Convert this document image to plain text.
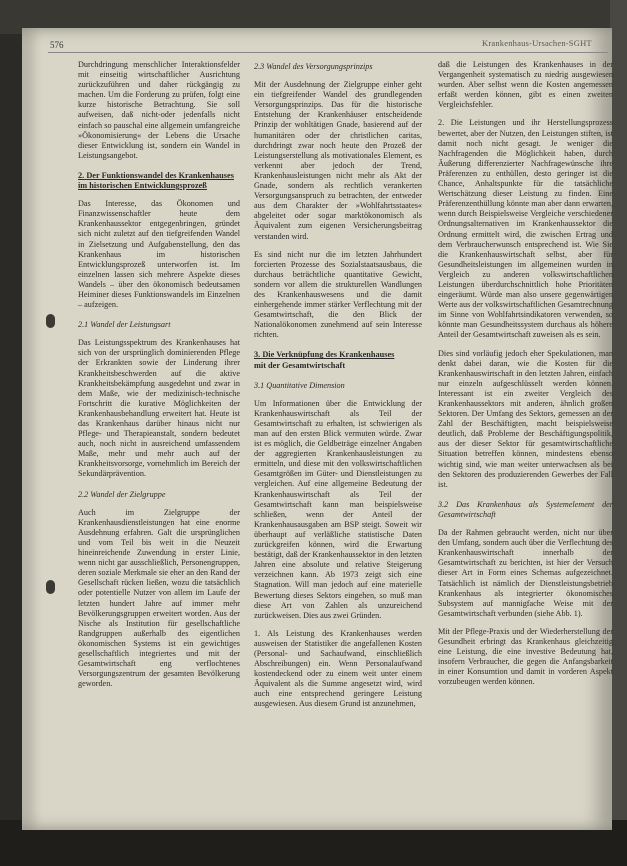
576	Krankenhaus-Ursachen-SGHT

Durchdringung menschlicher Interaktionsfelder mit einseitig wirtschaftlicher Ausrichtung zurückzuführen und daher rückgängig zu machen. Um die Forderung zu prüfen, folgt eine kurze historische Betrachtung. Sie soll aufweisen, daß nicht-oder jedenfalls nicht einfach so pauschal eine allgemein umfangreiche »Ökonomisierung« der Lebens die Ursache dieser Entwicklung ist, sondern ein Wandel in Leistungsangebot.

2. Der Funktionswandel des Krankenhauses
im historischen Entwicklungsprozeß

Das Interesse, das Ökonomen und Finanzwissenschaftler heute dem Krankenhaussektor entgegenbringen, gründet sich nicht zuletzt auf den tiefgreifenden Wandel in Zielsetzung und Aufgabenstellung, den das Krankenhaus im historischen Entwicklungsprozeß unterworfen ist. Im einzelnen lassen sich mehrere Aspekte dieses Wandels – über den ökonomisch bedeutsamen Heiminer dieses Funktionswandels im Einzelnen – aufzeigen.

2.1 Wandel der Leistungsart

Das Leistungsspektrum des Krankenhauses hat sich von der ursprünglich dominierenden Pflege der Erkrankten sowie der Linderung ihrer Krankheitsbeschwerden auf die aktive Krankheitsbekämpfung ausgedehnt und zwar in dem Maße, wie der medizinisch-technische Fortschritt die kurative Möglichkeiten der Krankenhausbehandlung erweitert hat. Heute ist das Krankenhaus darüber hinaus nicht nur Pflege- und Therapieanstalt, sondern bedeutet auch, noch nicht in ausreichend umfassendem Maße, mehr und mehr auch auf der Krankheitsvorsorge, vornehmlich im Bereich der Sekundärprävention.

2.2 Wandel der Zielgruppe

Auch im Zielgruppe der Krankenhausdienstleistungen hat eine enorme Ausdehnung erfahren. Galt die ursprünglichen und vom Teil bis weit in die Neuzeit hineinreichende Zuwendung in erster Linie, wenn nicht gar ausschließlich, Personengruppen, deren soziale Merkmale sie eher an den Rand der Gesellschaft rücken ließen, wozu die tatsächlich oder potentielle Nutzer von allem im Laufe der letzten hundert Jahre auf immer mehr Bevölkerungsgruppen erweitert worden. Aus der Nische als Institution für gesellschaftliche Randgruppen außerhalb des eigentlichen ökonomischen Systems ist ein gewichtiges gesellschaftlich integriertes und mit der Gesamtwirtschaft eng verflochtenes Versorgungszentrum der gesamten Bevölkerung geworden.

2.3 Wandel des Versorgungsprinzips

Mit der Ausdehnung der Zielgruppe einher geht ein tiefgreifender Wandel des grundlegenden Versorgungsprinzips. Das für die historische Entstehung der Krankenhäuser entscheidende Prinzip der wohltätigen Gnade, basierend auf der humanitären oder der christlichen caritas, durchdringt zwar noch heute den Prozeß der Leistungserstellung als motivationales Element, es verkennt aber jedoch der Trend, Krankenhausleistungen nicht mehr als Akt der Gnade, sondern als rechtlich verankerten Versorgungsanspruch zu betrachten, der entweder aus dem Charakter der »Wohlfahrtsstaates« abgeleitet oder sogar marktökonomisch als Äquivalent zum eigenen Versicherungsbeitrag verstanden wird.

Es sind nicht nur die im letzten Jahrhundert forcierten Prozesse des Sozialstaatsausbaus, die durchaus beträchtliche quantitative Gewicht, sondern vor allem die strukturellen Wandlungen des Krankenhauswesens und die damit einhergehende immer stärker Verflechtung mit der Gesamtwirtschaft, die den Blick der Nationalökonomen zunehmend auf sein Interesse richten.

3. Die Verknüpfung des Krankenhauses
mit der Gesamtwirtschaft
3.1 Quantitative Dimension

Um Informationen über die Entwicklung der Krankenhauswirtschaft als Teil der Gesamtwirtschaft zu erhalten, ist schwierigen als man auf den ersten Blick vermuten würde. Zwar ist es möglich, die Geldbeträge einzelner Angaben der aggregierten Krankenhausleistungen zu ermitteln, und diese mit den volkswirtschaftlichen Gesamtgrößen im Güter- und Dienstleistungen zu vergleichen. Auf eine allgemeine Bedeutung der Krankenhauswirtschaft als Teil der Gesamtwirtschaft kann man beispielsweise schließen, wenn der Anteil der Krankenhausausgaben am BSP steigt. Soweit wir überhaupt auf verläßliche statistische Daten zurückgreifen können, wird die Erwartung bestätigt, daß der Krankenhaussektor in den letzten Jahren eine absolute und relative Steigerung verzeichnen kann. Ab 1973 zeigt sich eine Stagnation. Will man jedoch auf eine materielle Bewertung dieses Sektors eingehen, so muß man diese Art von Zahlen als unzureichend zurückweisen. Dies aus zwei Gründen.

1. Als Leistung des Krankenhauses werden ausweisen der Statistiker die angefallenen Kosten (Personal- und Sachaufwand, einschließlich Abschreibungen) ein. Wenn Personalaufwand kostendeckend oder zu einem weit unter einem Äquivalent als die Summe angesetzt wird, wird auch eine entsprechend geringere Leistung ausgewiesen. Aus diesem Grund ist anzunehmen,

daß die Leistungen des Krankenhauses in der Vergangenheit systematisch zu niedrig ausgewiesen wurden. Aber selbst wenn die Kosten angemessen erfaßt werden können, gibt es einen zweiten Vergleichsfehler.

2. Die Leistungen und ihr Herstellungsprozess bewertet, aber der Nutzen, den Leistungen stiften, ist damit noch nicht gesagt. Je weniger die Nachfragenden die Möglichkeit haben, durch Äußerung differenzierter Nachfragewünsche ihre Präferenzen zu enthüllen, desto geringer ist die Chance, Anhaltspunkte für die tatsächliche Wertschätzung dieser Leistung zu finden. Eine Präferenzenthüllung könnte man aber dann erwarten, wenn durch Beispielsweise Vergleiche verschiedener Ordnungsalternativen im Krankenhaussektor die Ordnung ermittelt wird, die zwischen Ertrag und dem Verbraucherwunsch entsprechend ist. Wie Sie die Krankenhauswirtschaft selbst, aber für Gesundheitsleistungen im allgemeinen wurden in Vergleich zu anderen volkswirtschaftlichen Leistungen überdurchschnittlich hohe Prioritäten eingeräumt. Würde man also unsere gegenwärtigen Werte aus der volkswirtschaftlichen Gesamtrechnung im Sinne von Wohlfahrtsindikatoren verwenden, so könnte man Gesundheitssystem durchaus als höhere Anteil der Gesamtwirtschaft zuweisen als es sein.

Dies sind vorläufig jedoch eher Spekulationen, man denkt dabei daran, wie die Kosten für die Krankenhauswirtschaft in den letzten Jahren, einfach nur einzeln aufgeschlüsselt werden können. Interessant ist ein zweiter Vergleich des Krankenhaussektors mit anderen, ähnlich großen Sektoren. Der Umfang des Sektors, gemessen an der Zahl der Beschäftigten, macht beispielsweise deutlich, daß Probleme der Beschäftigungspolitik, aus der dieser Sektor für gesamtwirtschaftliche Situation betreffen können, mindestens ebenso wichtig sind, wie man weiter unterwachsen als bei den Sektoren des produzierenden Gewerbes der Fall ist.

3.2 Das Krankenhaus als Systemelement der Gesamtwirtschaft

Da der Rahmen gebraucht werden, nicht nur über den Umfang, sondern auch über die Verflechtung des Krankenhauswirtschaft innerhalb der Gesamtwirtschaft zu berichten, ist hier der Versuch dieser Art in Form eines Schemas aufgezeichnet. Tatsächlich ist nämlich der Dienstleistungsbetrieb Krankenhaus als integrierter ökonomisches Subsystem auf mannigfache Weise mit der Gesamtwirtschaft verbunden (siehe Abb. 1).

Mit der Pflege-Praxis und der Wiederherstellung der Gesundheit erbringt das Krankenhaus gleichzeitig eine Leistung, die eine investive Bedeutung hat, insofern Verbraucher, die gegen die Anfangsbarkeit in einer Konsumtion und damit in vorderen Aspekt vorzubeugen werden können.
